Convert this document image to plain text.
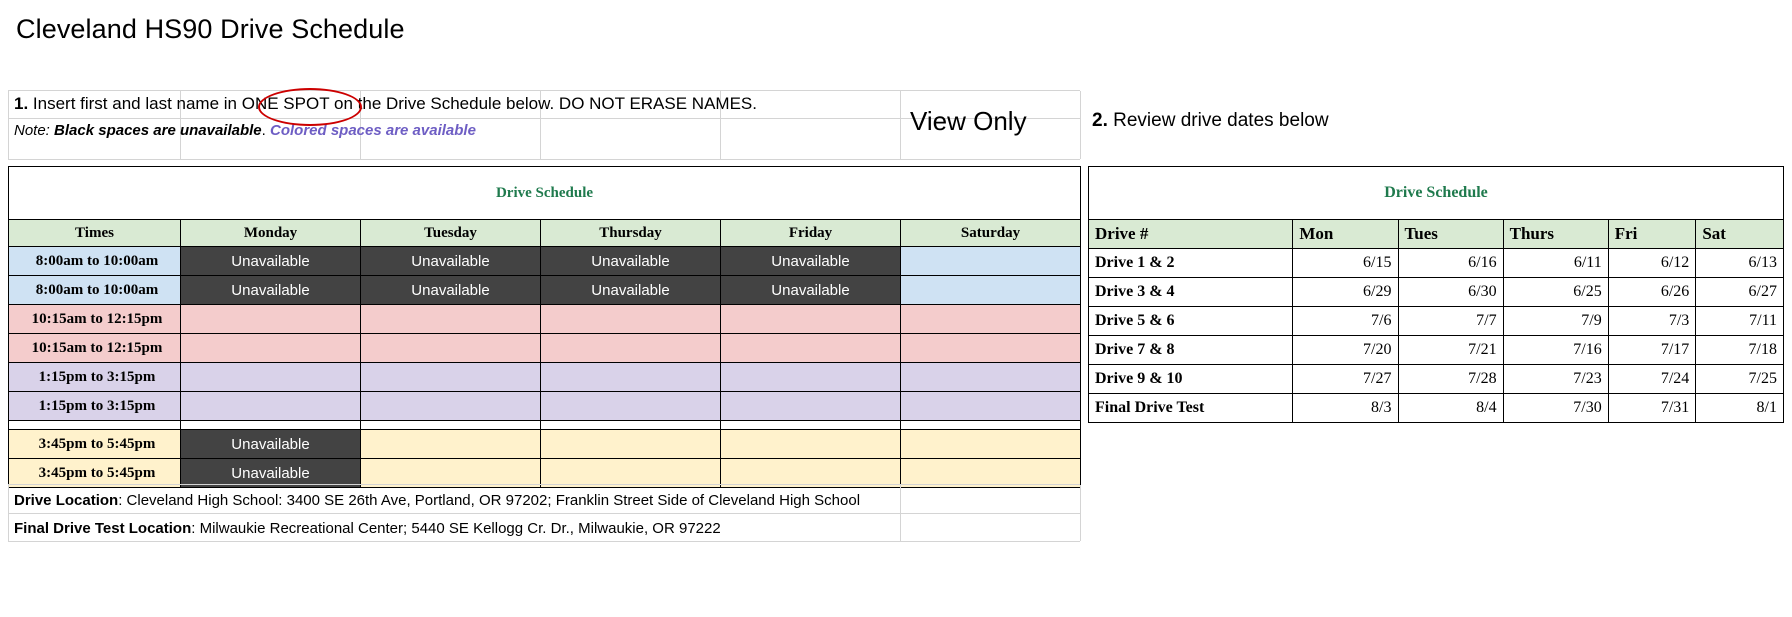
Cleveland HS90 Drive Schedule
1. Insert first and last name in ONE SPOT on the Drive Schedule below. DO NOT ERASE NAMES.
Note: Black spaces are unavailable. Colored spaces are available	View Only	2. Review drive dates below
Drive Schedule					
Times	Monday	Tuesday	Thursday	Friday	Saturday
8:00am to 10:00am	Unavailable	Unavailable	Unavailable	Unavailable	
8:00am to 10:00am	Unavailable	Unavailable	Unavailable	Unavailable	
10:15am to 12:15pm					
10:15am to 12:15pm					
1:15pm to 3:15pm					
1:15pm to 3:15pm					

3:45pm to 5:45pm	Unavailable				
3:45pm to 5:45pm	Unavailable				
Drive Schedule					
Drive #	Mon	Tues	Thurs	Fri	Sat
Drive 1 & 2	6/15	6/16	6/11	6/12	6/13
Drive 3 & 4	6/29	6/30	6/25	6/26	6/27
Drive 5 & 6	7/6	7/7	7/9	7/3	7/11
Drive 7 & 8	7/20	7/21	7/16	7/17	7/18
Drive 9 & 10	7/27	7/28	7/23	7/24	7/25
Final Drive Test	8/3	8/4	7/30	7/31	8/1
Drive Location: Cleveland High School: 3400 SE 26th Ave, Portland, OR 97202; Franklin Street Side of Cleveland High School
Final Drive Test Location: Milwaukie Recreational Center; 5440 SE Kellogg Cr. Dr., Milwaukie, OR 97222
